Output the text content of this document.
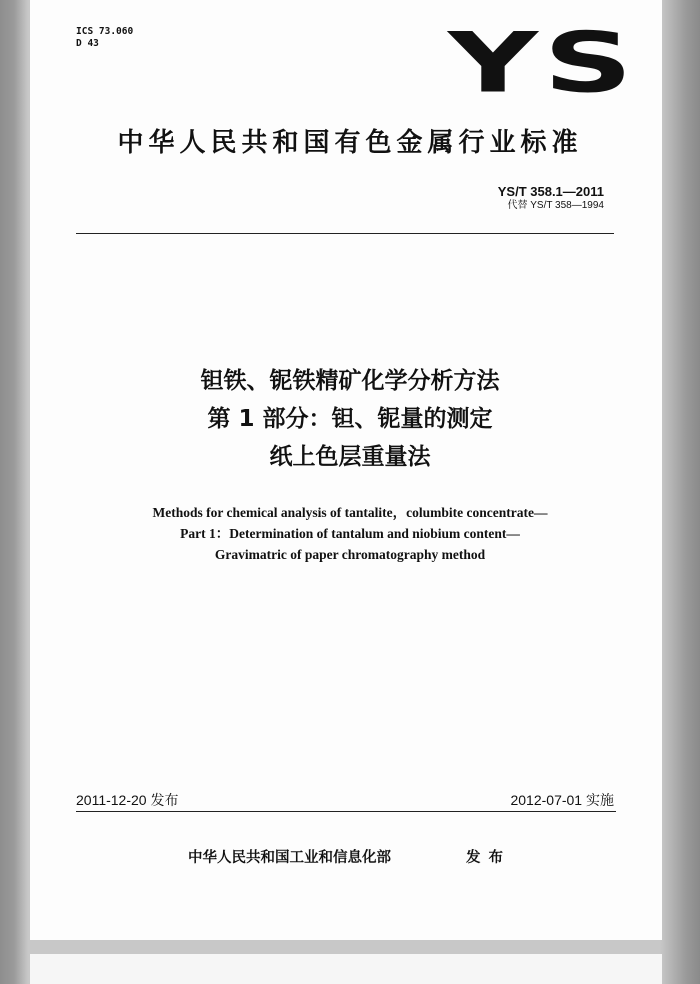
ICS 73.060
D 43	YS
中华人民共和国有色金属行业标准
YS/T 358.1—2011
代替 YS/T 358—1994
钽铁、铌铁精矿化学分析方法
第 1 部分：钽、铌量的测定
纸上色层重量法
Methods for chemical analysis of tantalite，columbite concentrate—
Part 1：Determination of tantalum and niobium content—
Gravimatric of paper chromatography method
2011-12-20 发布	2012-07-01 实施
中华人民共和国工业和信息化部	发布
